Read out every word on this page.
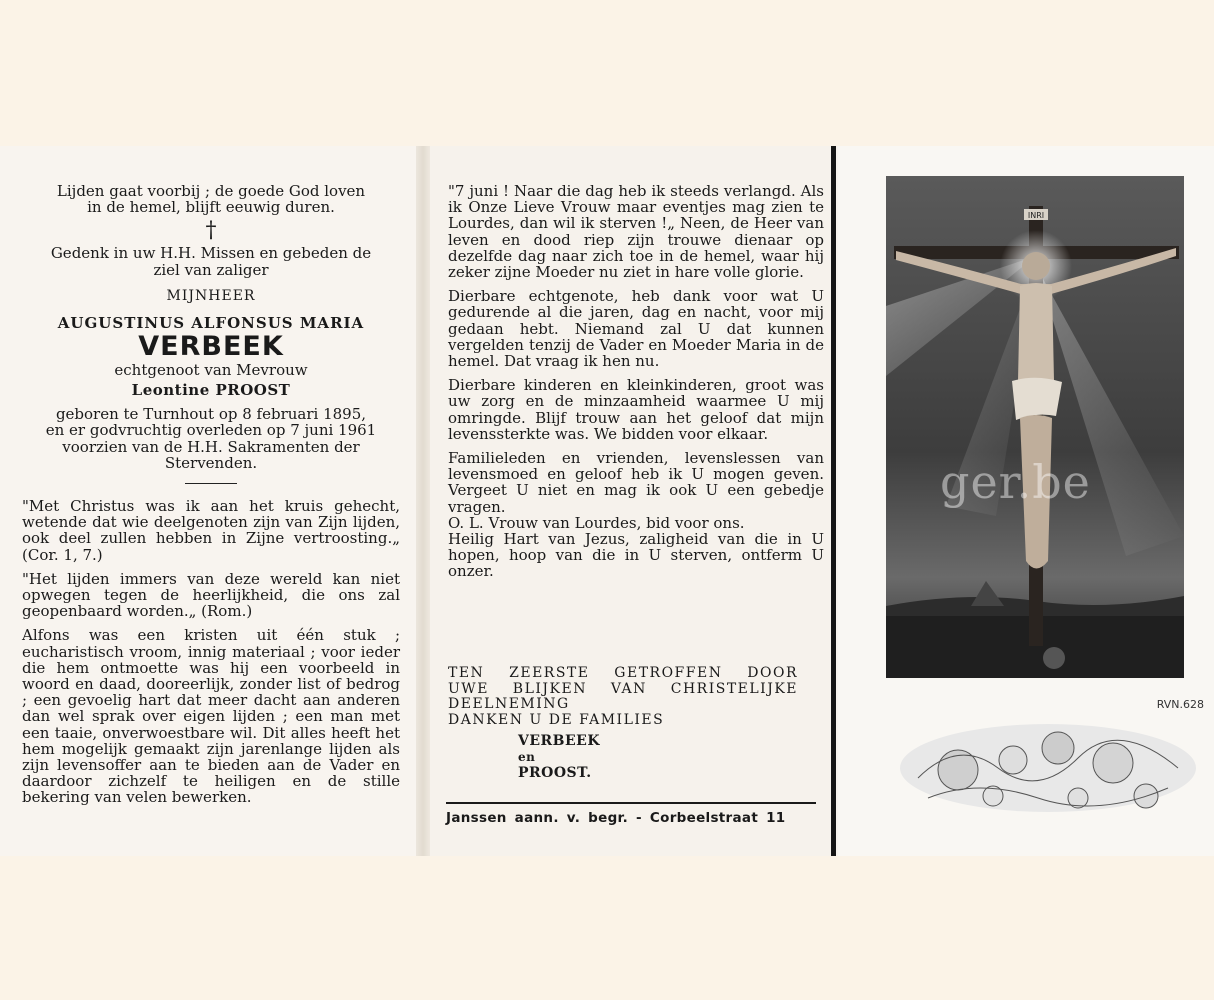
Lijden gaat voorbij ; de goede God loven

in de hemel, blijft eeuwig duren.

†

Gedenk in uw H.H. Missen en gebeden de

ziel van zaliger

MIJNHEER
AUGUSTINUS ALFONSUS MARIA
VERBEEK
echtgenoot van Mevrouw
Leontine PROOST

geboren te Turnhout op 8 februari 1895,

en er godvruchtig overleden op 7 juni 1961

voorzien van de H.H. Sakramenten der

Stervenden.

"Met Christus was ik aan het kruis gehecht, wetende dat wie deelgenoten zijn van Zijn lijden, ook deel zullen hebben in Zijne vertroosting.„ (Cor. 1, 7.)

"Het lijden immers van deze wereld kan niet opwegen tegen de heerlijkheid, die ons zal geopenbaard worden.„ (Rom.)

Alfons was een kristen uit één stuk ; eucharistisch vroom, innig materiaal ; voor ieder die hem ontmoette was hij een voorbeeld in woord en daad, dooreerlijk, zonder list of bedrog ; een gevoelig hart dat meer dacht aan anderen dan wel sprak over eigen lijden ; een man met een taaie, onverwoestbare wil. Dit alles heeft het hem mogelijk gemaakt zijn jarenlange lijden als zijn levensoffer aan te bieden aan de Vader en daardoor zichzelf te heiligen en de stille bekering van velen bewerken.

"7 juni ! Naar die dag heb ik steeds verlangd. Als ik Onze Lieve Vrouw maar eventjes mag zien te Lourdes, dan wil ik sterven !„ Neen, de Heer van leven en dood riep zijn trouwe dienaar op dezelfde dag naar zich toe in de hemel, waar hij zeker zijne Moeder nu ziet in hare volle glorie.

Dierbare echtgenote, heb dank voor wat U gedurende al die jaren, dag en nacht, voor mij gedaan hebt. Niemand zal U dat kunnen vergelden tenzij de Vader en Moeder Maria in de hemel. Dat vraag ik hen nu.

Dierbare kinderen en kleinkinderen, groot was uw zorg en de minzaamheid waarmee U mij omringde. Blijf trouw aan het geloof dat mijn levenssterkte was. We bidden voor elkaar.

Familieleden en vrienden, levenslessen van levensmoed en geloof heb ik U mogen geven. Vergeet U niet en mag ik ook U een gebedje vragen.

O. L. Vrouw van Lourdes, bid voor ons.

Heilig Hart van Jezus, zaligheid van die in U hopen, hoop van die in U sterven, ontferm U onzer.

TEN ZEERSTE GETROFFEN DOOR

UWE BLIJKEN VAN CHRISTELIJKE

DEELNEMING

DANKEN U DE FAMILIES

VERBEEK

en

PROOST.

Janssen aann. v. begr. - Corbeelstraat 11
INRI
RVN.628
ger.be
